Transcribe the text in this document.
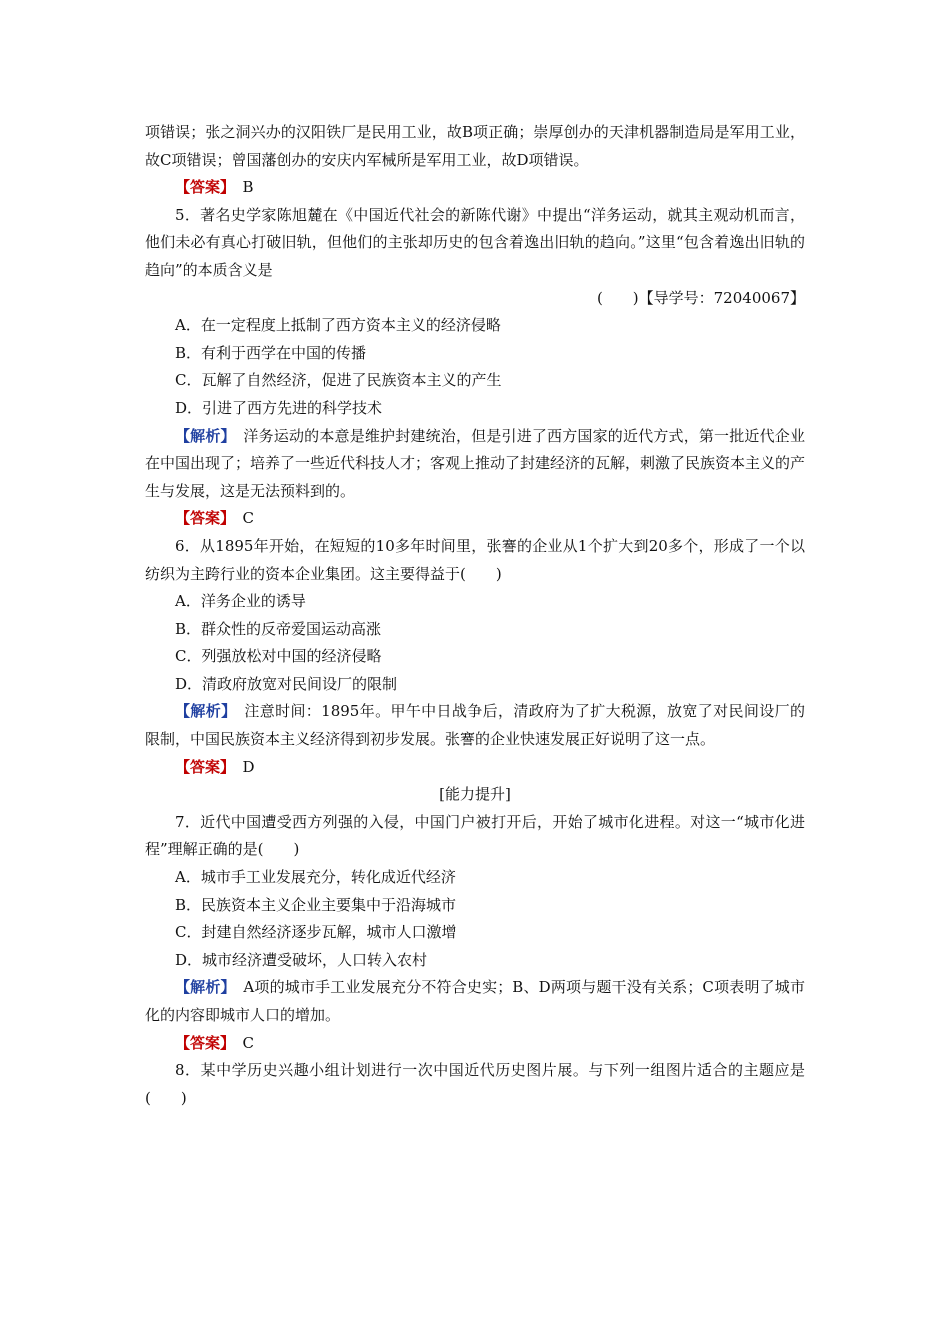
项错误；张之洞兴办的汉阳铁厂是民用工业，故B项正确；崇厚创办的天津机器制造局是军用工业，故C项错误；曾国藩创办的安庆内军械所是军用工业，故D项错误。

【答案】　 B

5．著名史学家陈旭麓在《中国近代社会的新陈代谢》中提出“洋务运动，就其主观动机而言，他们未必有真心打破旧轨，但他们的主张却历史的包含着逸出旧轨的趋向。”这里“包含着逸出旧轨的趋向”的本质含义是

(　　)【导学号：72040067】

A．在一定程度上抵制了西方资本主义的经济侵略

B．有利于西学在中国的传播

C．瓦解了自然经济，促进了民族资本主义的产生

D．引进了西方先进的科学技术

【解析】　 洋务运动的本意是维护封建统治，但是引进了西方国家的近代方式，第一批近代企业在中国出现了；培养了一些近代科技人才；客观上推动了封建经济的瓦解，刺激了民族资本主义的产生与发展，这是无法预料到的。

【答案】　 C

6．从1895年开始，在短短的10多年时间里，张謇的企业从1个扩大到20多个，形成了一个以纺织为主跨行业的资本企业集团。这主要得益于(　　)

A．洋务企业的诱导

B．群众性的反帝爱国运动高涨

C．列强放松对中国的经济侵略

D．清政府放宽对民间设厂的限制

【解析】　 注意时间：1895年。甲午中日战争后，清政府为了扩大税源，放宽了对民间设厂的限制，中国民族资本主义经济得到初步发展。张謇的企业快速发展正好说明了这一点。

【答案】　 D

[能力提升]

7．近代中国遭受西方列强的入侵，中国门户被打开后，开始了城市化进程。对这一“城市化进程”理解正确的是(　　)

A．城市手工业发展充分，转化成近代经济

B．民族资本主义企业主要集中于沿海城市

C．封建自然经济逐步瓦解，城市人口激增

D．城市经济遭受破坏，人口转入农村

【解析】　 A项的城市手工业发展充分不符合史实；B、D两项与题干没有关系；C项表明了城市化的内容即城市人口的增加。

【答案】　 C

8．某中学历史兴趣小组计划进行一次中国近代历史图片展。与下列一组图片适合的主题应是(　　)
